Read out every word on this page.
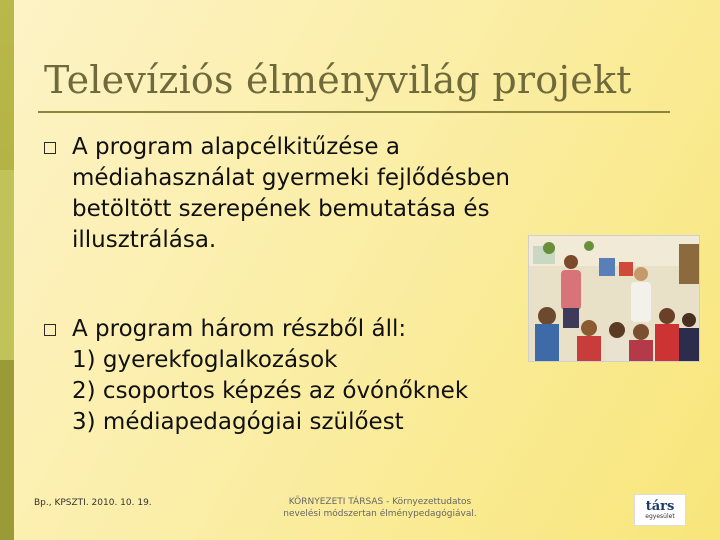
Televíziós élményvilág projekt
A program alapcélkitűzése a
médiahasználat gyermeki fejlődésben
betöltött szerepének bemutatása és
illusztrálása.
A program három részből áll:
1) gyerekfoglalkozások
2) csoportos képzés az óvónőknek
3) médiapedagógiai szülőest
Bp., KPSZTI. 2010. 10. 19.	KÖRNYEZETI TÁRSAS - Környezettudatos
nevelési módszertan élménypedagógiával.
társ
egyesület
